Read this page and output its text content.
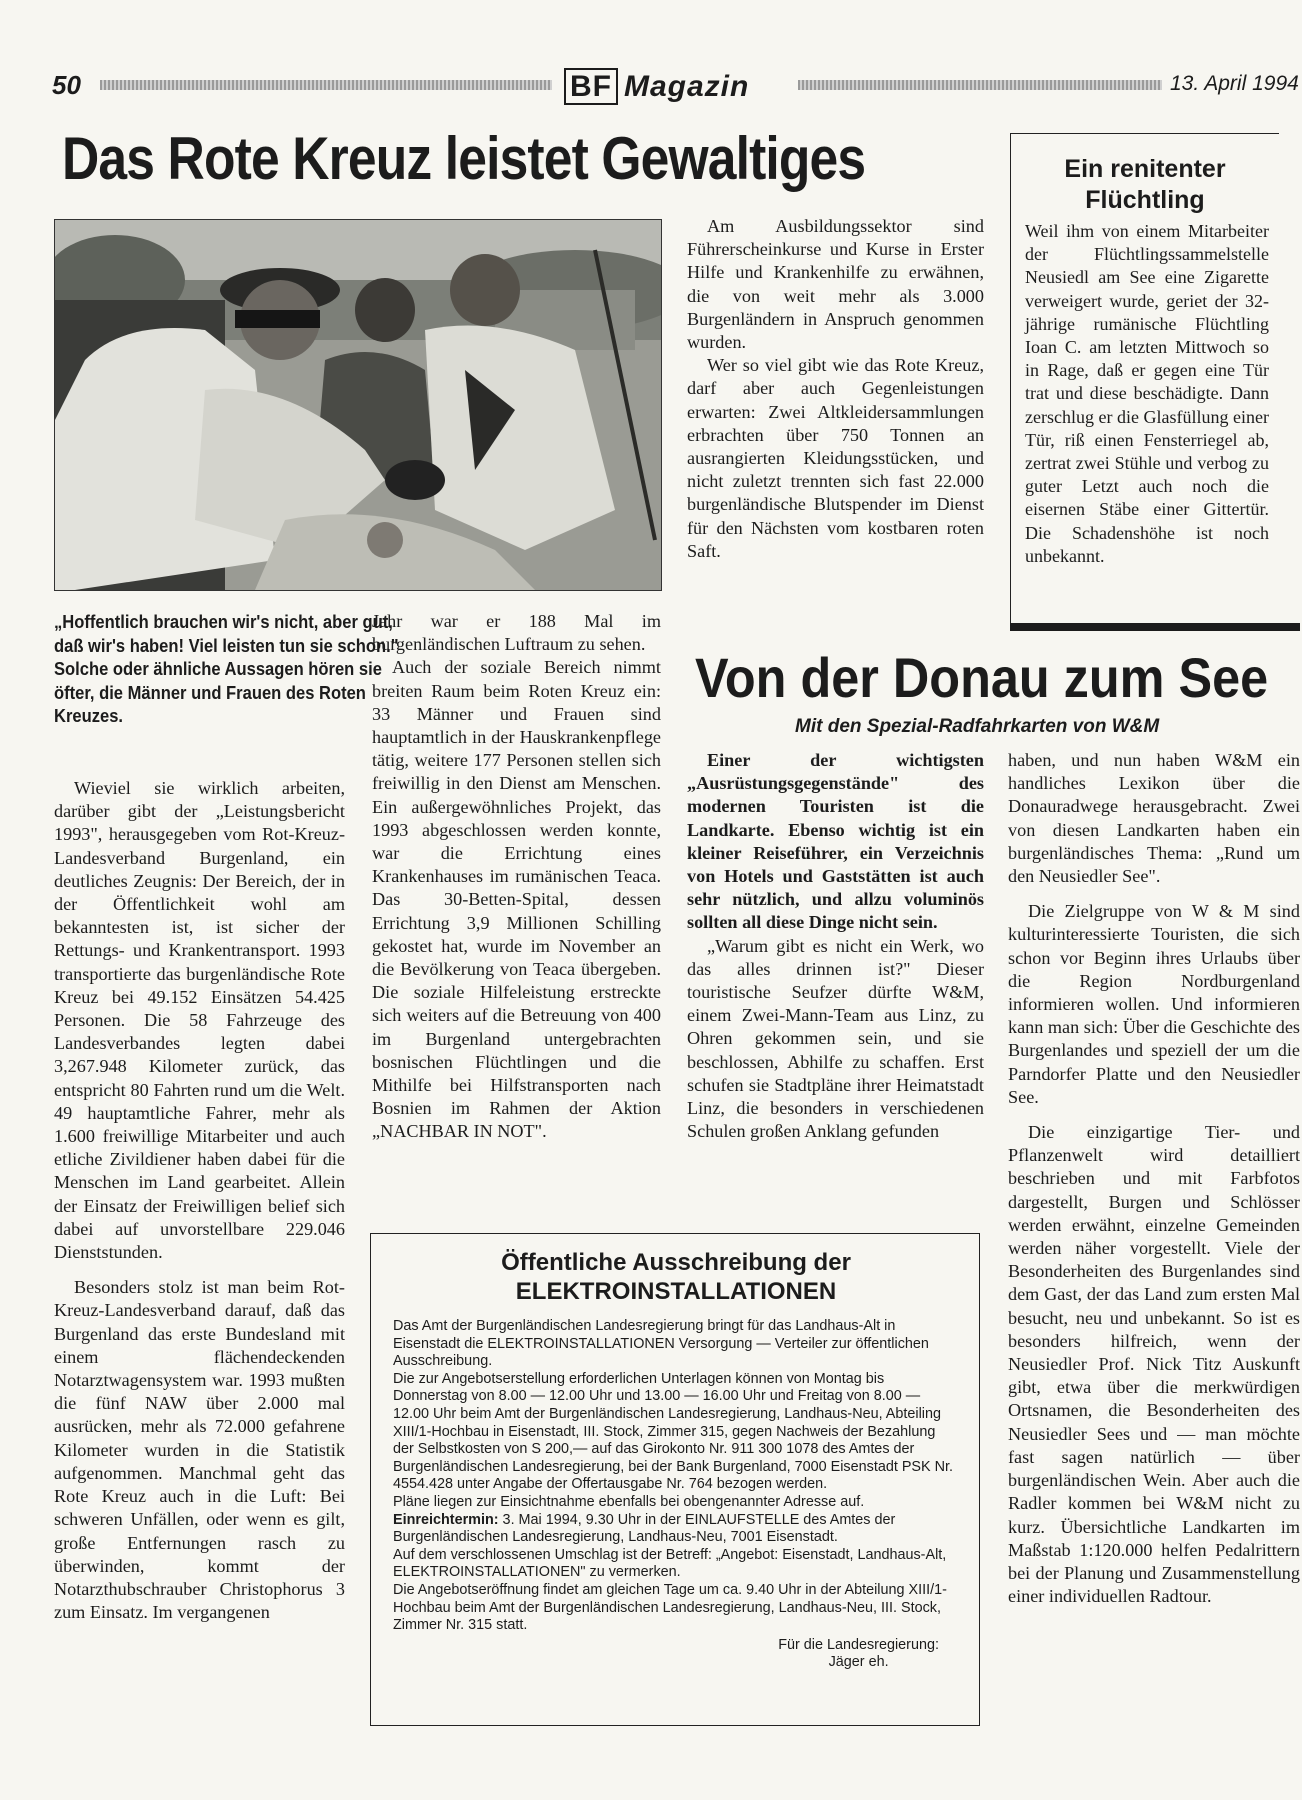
50	BF Magazin	13. April 1994
Das Rote Kreuz leistet Gewaltiges
„Hoffentlich brauchen wir's nicht, aber gut, daß wir's haben! Viel leisten tun sie schon." Solche oder ähnliche Aussagen hören sie öfter, die Männer und Frauen des Roten Kreuzes.

Wieviel sie wirklich arbeiten, darüber gibt der „Leistungsbericht 1993", herausgegeben vom Rot-Kreuz-Landesverband Burgenland, ein deutliches Zeugnis: Der Bereich, der in der Öffentlichkeit wohl am bekanntesten ist, ist sicher der Rettungs- und Krankentransport. 1993 transportierte das burgenländische Rote Kreuz bei 49.152 Einsätzen 54.425 Personen. Die 58 Fahrzeuge des Landesverbandes legten dabei 3,267.948 Kilometer zurück, das entspricht 80 Fahrten rund um die Welt. 49 hauptamtliche Fahrer, mehr als 1.600 freiwillige Mitarbeiter und auch etliche Zivildiener haben dabei für die Menschen im Land gearbeitet. Allein der Einsatz der Freiwilligen belief sich dabei auf unvorstellbare 229.046 Dienststunden.

Besonders stolz ist man beim Rot-Kreuz-Landesverband darauf, daß das Burgenland das erste Bundesland mit einem flächendeckenden Notarztwagensystem war. 1993 mußten die fünf NAW über 2.000 mal ausrücken, mehr als 72.000 gefahrene Kilometer wurden in die Statistik aufgenommen. Manchmal geht das Rote Kreuz auch in die Luft: Bei schweren Unfällen, oder wenn es gilt, große Entfernungen rasch zu überwinden, kommt der Notarzthubschrauber Christophorus 3 zum Einsatz. Im vergangenen

Jahr war er 188 Mal im burgenländischen Luftraum zu sehen.

Auch der soziale Bereich nimmt breiten Raum beim Roten Kreuz ein: 33 Männer und Frauen sind hauptamtlich in der Hauskrankenpflege tätig, weitere 177 Personen stellen sich freiwillig in den Dienst am Menschen. Ein außergewöhnliches Projekt, das 1993 abgeschlossen werden konnte, war die Errichtung eines Krankenhauses im rumänischen Teaca. Das 30-Betten-Spital, dessen Errichtung 3,9 Millionen Schilling gekostet hat, wurde im November an die Bevölkerung von Teaca übergeben. Die soziale Hilfeleistung erstreckte sich weiters auf die Betreuung von 400 im Burgenland untergebrachten bosnischen Flüchtlingen und die Mithilfe bei Hilfstransporten nach Bosnien im Rahmen der Aktion „NACHBAR IN NOT".

Am Ausbildungssektor sind Führerscheinkurse und Kurse in Erster Hilfe und Krankenhilfe zu erwähnen, die von weit mehr als 3.000 Burgenländern in Anspruch genommen wurden.

Wer so viel gibt wie das Rote Kreuz, darf aber auch Gegenleistungen erwarten: Zwei Altkleidersammlungen erbrachten über 750 Tonnen an ausrangierten Kleidungsstücken, und nicht zuletzt trennten sich fast 22.000 burgenländische Blutspender im Dienst für den Nächsten vom kostbaren roten Saft.

Ein renitenter Flüchtling
Weil ihm von einem Mitarbeiter der Flüchtlingssammelstelle Neusiedl am See eine Zigarette verweigert wurde, geriet der 32-jährige rumänische Flüchtling Ioan C. am letzten Mittwoch so in Rage, daß er gegen eine Tür trat und diese beschädigte. Dann zerschlug er die Glasfüllung einer Tür, riß einen Fensterriegel ab, zertrat zwei Stühle und verbog zu guter Letzt auch noch die eisernen Stäbe einer Gittertür. Die Schadenshöhe ist noch unbekannt.
Von der Donau zum See
Mit den Spezial-Radfahrkarten von W&M

Einer der wichtigsten „Ausrüstungsgegenstände" des modernen Touristen ist die Landkarte. Ebenso wichtig ist ein kleiner Reiseführer, ein Verzeichnis von Hotels und Gaststätten ist auch sehr nützlich, und allzu voluminös sollten all diese Dinge nicht sein.

„Warum gibt es nicht ein Werk, wo das alles drinnen ist?" Dieser touristische Seufzer dürfte W&M, einem Zwei-Mann-Team aus Linz, zu Ohren gekommen sein, und sie beschlossen, Abhilfe zu schaffen. Erst schufen sie Stadtpläne ihrer Heimatstadt Linz, die besonders in verschiedenen Schulen großen Anklang gefunden

haben, und nun haben W&M ein handliches Lexikon über die Donauradwege herausgebracht. Zwei von diesen Landkarten haben ein burgenländisches Thema: „Rund um den Neusiedler See".

Die Zielgruppe von W & M sind kulturinteressierte Touristen, die sich schon vor Beginn ihres Urlaubs über die Region Nordburgenland informieren wollen. Und informieren kann man sich: Über die Geschichte des Burgenlandes und speziell der um die Parndorfer Platte und den Neusiedler See.

Die einzigartige Tier- und Pflanzenwelt wird detailliert beschrieben und mit Farbfotos dargestellt, Burgen und Schlösser werden erwähnt, einzelne Gemeinden werden näher vorgestellt. Viele der Besonderheiten des Burgenlandes sind dem Gast, der das Land zum ersten Mal besucht, neu und unbekannt. So ist es besonders hilfreich, wenn der Neusiedler Prof. Nick Titz Auskunft gibt, etwa über die merkwürdigen Ortsnamen, die Besonderheiten des Neusiedler Sees und — man möchte fast sagen natürlich — über burgenländischen Wein. Aber auch die Radler kommen bei W&M nicht zu kurz. Übersichtliche Landkarten im Maßstab 1:120.000 helfen Pedalrittern bei der Planung und Zusammenstellung einer individuellen Radtour.

Öffentliche Ausschreibung der
ELEKTROINSTALLATIONEN

Das Amt der Burgenländischen Landesregierung bringt für das Landhaus-Alt in Eisenstadt die ELEKTROINSTALLATIONEN Versorgung — Verteiler zur öffentlichen Ausschreibung.

Die zur Angebotserstellung erforderlichen Unterlagen können von Montag bis Donnerstag von 8.00 — 12.00 Uhr und 13.00 — 16.00 Uhr und Freitag von 8.00 — 12.00 Uhr beim Amt der Burgenländischen Landesregierung, Landhaus-Neu, Abteiling XIII/1-Hochbau in Eisenstadt, III. Stock, Zimmer 315, gegen Nachweis der Bezahlung der Selbstkosten von S 200,— auf das Girokonto Nr. 911 300 1078 des Amtes der Burgenländischen Landesregierung, bei der Bank Burgenland, 7000 Eisenstadt PSK Nr. 4554.428 unter Angabe der Offertausgabe Nr. 764 bezogen werden.

Pläne liegen zur Einsichtnahme ebenfalls bei obengenannter Adresse auf.

Einreichtermin: 3. Mai 1994, 9.30 Uhr in der EINLAUFSTELLE des Amtes der Burgenländischen Landesregierung, Landhaus-Neu, 7001 Eisenstadt.

Auf dem verschlossenen Umschlag ist der Betreff: „Angebot: Eisenstadt, Landhaus-Alt, ELEKTROINSTALLATIONEN" zu vermerken.

Die Angebotseröffnung findet am gleichen Tage um ca. 9.40 Uhr in der Abteilung XIII/1-Hochbau beim Amt der Burgenländischen Landesregierung, Landhaus-Neu, III. Stock, Zimmer Nr. 315 statt.

Für die Landesregierung:
Jäger eh.
